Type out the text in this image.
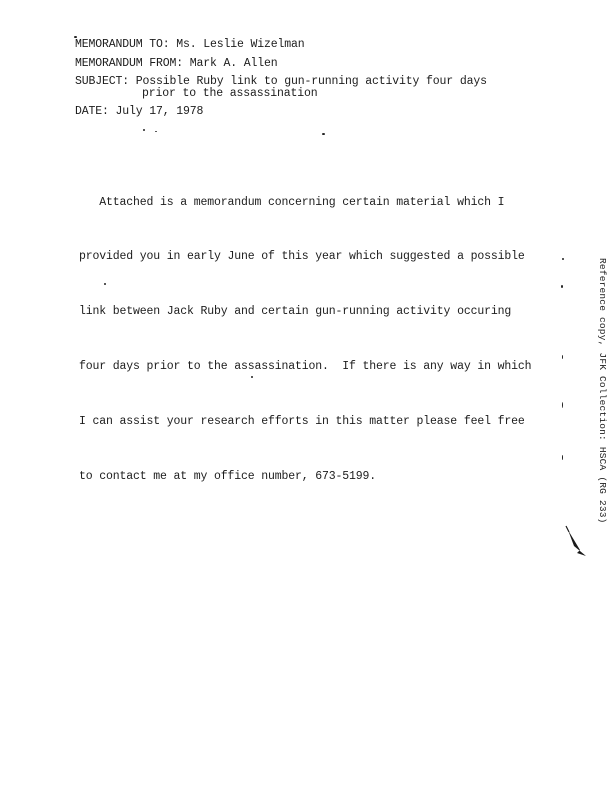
MEMORANDUM TO: Ms. Leslie Wizelman
MEMORANDUM FROM: Mark A. Allen
SUBJECT: Possible Ruby link to gun-running activity four days
prior to the assassination
DATE: July 17, 1978

Attached is a memorandum concerning certain material which I

provided you in early June of this year which suggested a possible

link between Jack Ruby and certain gun-running activity occuring

four days prior to the assassination.  If there is any way in which

I can assist your research efforts in this matter please feel free

to contact me at my office number, 673-5199.

	Reference copy, JFK Collection: HSCA (RG 233)
